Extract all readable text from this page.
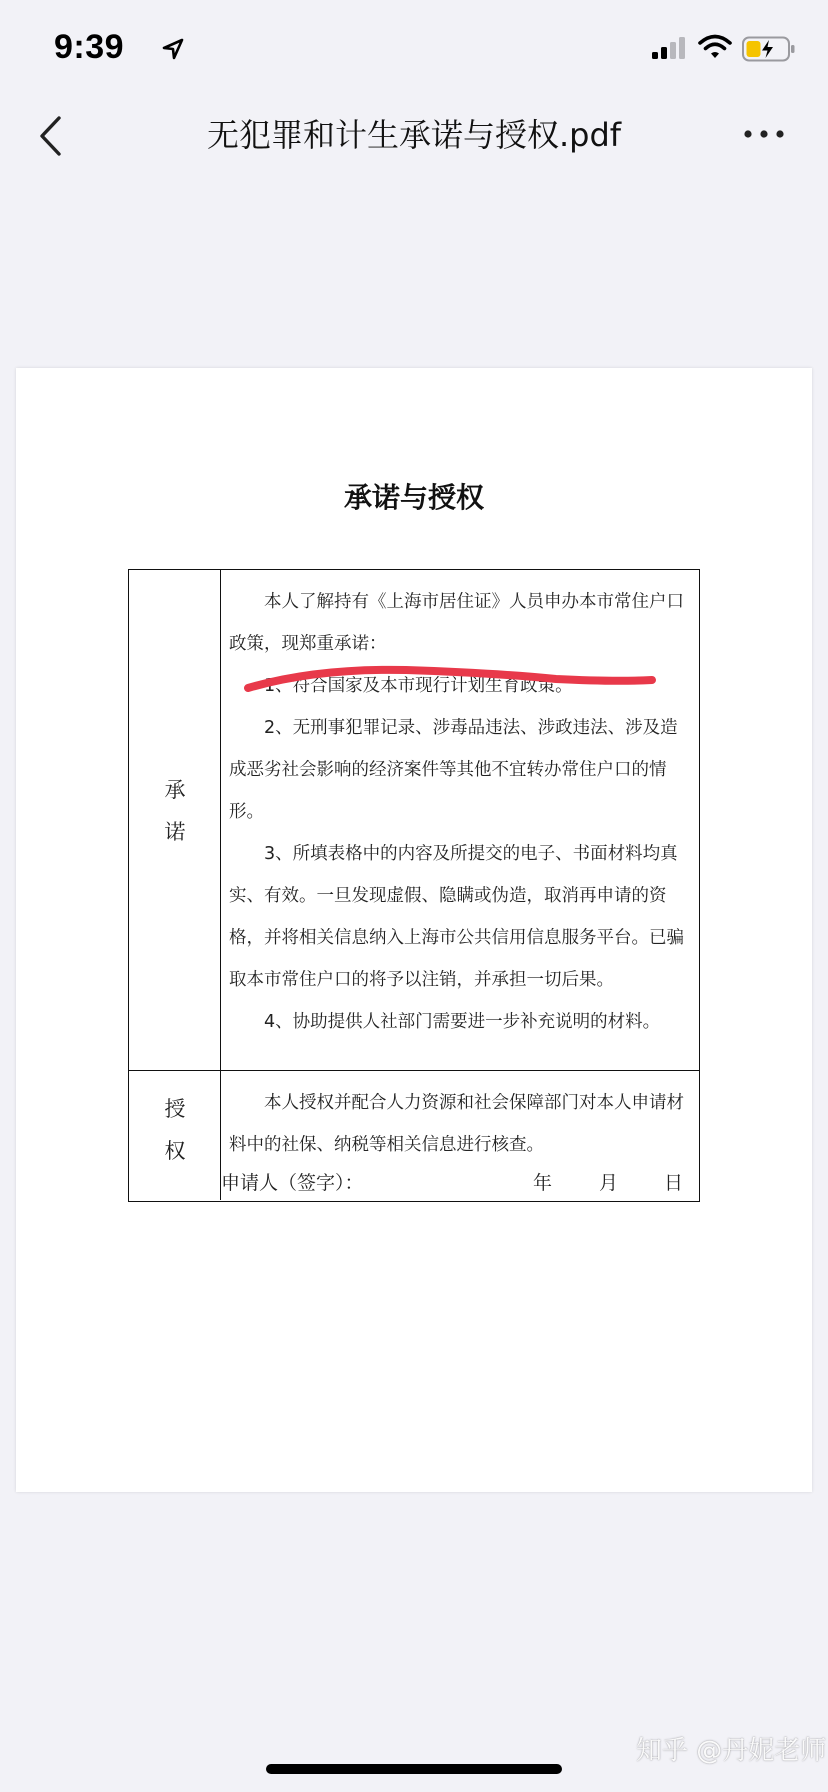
9:39
无犯罪和计生承诺与授权.pdf
承诺与授权
承
诺

本人了解持有《上海市居住证》人员申办本市常住户口政策，现郑重承诺：

1、符合国家及本市现行计划生育政策。

2、无刑事犯罪记录、涉毒品违法、涉政违法、涉及造成恶劣社会影响的经济案件等其他不宜转办常住户口的情形。

3、所填表格中的内容及所提交的电子、书面材料均真实、有效。一旦发现虚假、隐瞒或伪造，取消再申请的资格，并将相关信息纳入上海市公共信用信息服务平台。已骗取本市常住户口的将予以注销，并承担一切后果。

4、协助提供人社部门需要进一步补充说明的材料。

授
权

本人授权并配合人力资源和社会保障部门对本人申请材料中的社保、纳税等相关信息进行核查。

申请人（签字）：	年 月 日
知乎 @丹妮老师
